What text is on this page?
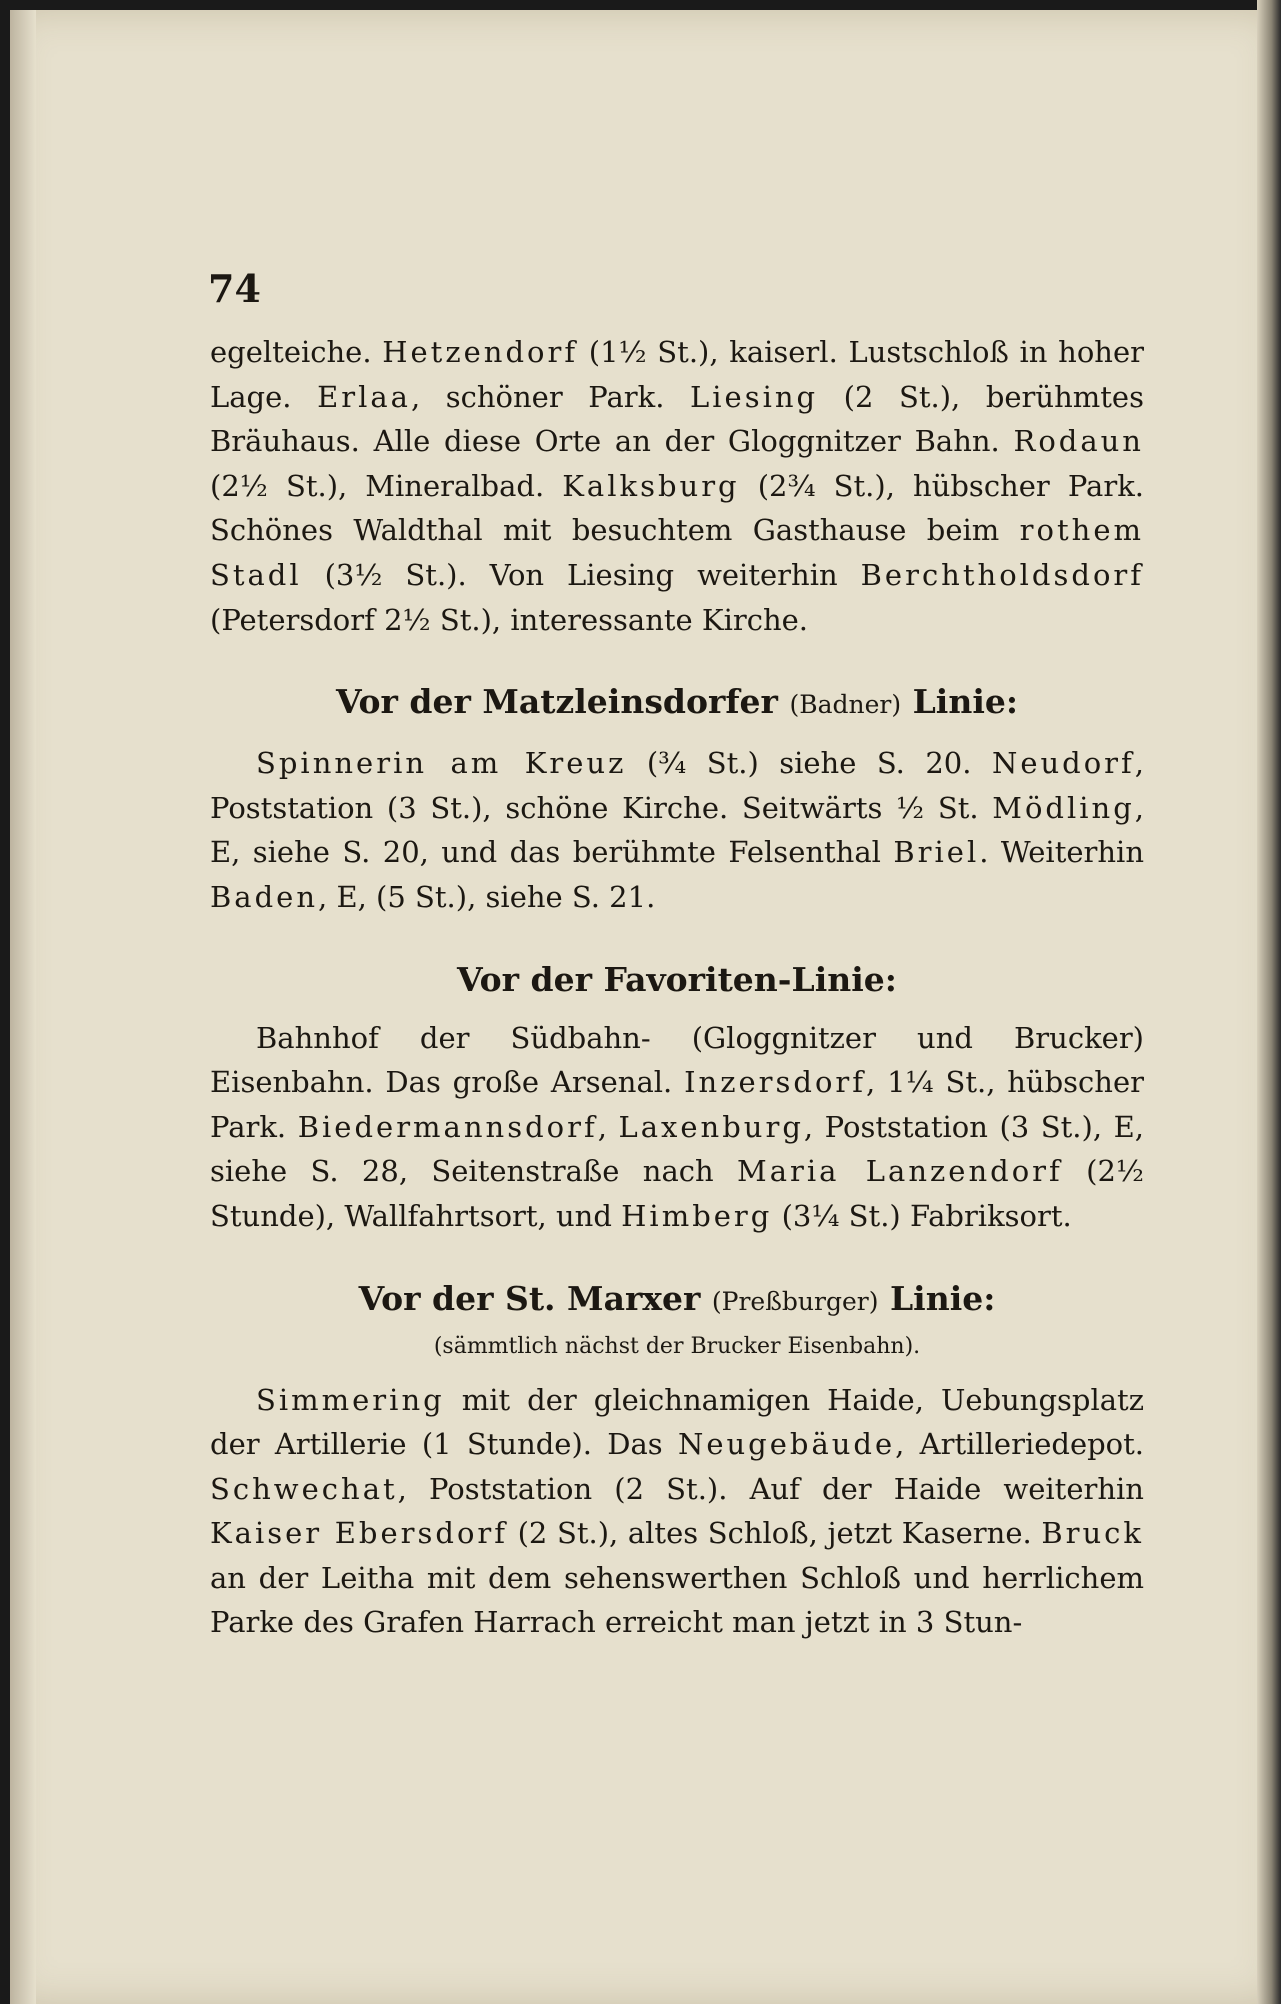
74

egelteiche. Hetzendorf (1½ St.), kaiserl. Lustschloß in hoher Lage. Erlaa, schöner Park. Liesing (2 St.), berühmtes Bräuhaus. Alle diese Orte an der Gloggnitzer Bahn. Rodaun (2½ St.), Mineralbad. Kalksburg (2¾ St.), hübscher Park. Schönes Waldthal mit besuchtem Gasthause beim rothem Stadl (3½ St.). Von Liesing weiterhin Berchtholdsdorf (Petersdorf 2½ St.), interessante Kirche.

Vor der Matzleinsdorfer (Badner) Linie:

Spinnerin am Kreuz (¾ St.) siehe S. 20. Neudorf, Poststation (3 St.), schöne Kirche. Seitwärts ½ St. Mödling, E, siehe S. 20, und das berühmte Felsenthal Briel. Weiterhin Baden, E, (5 St.), siehe S. 21.

Vor der Favoriten-Linie:

Bahnhof der Südbahn- (Gloggnitzer und Brucker) Eisenbahn. Das große Arsenal. Inzersdorf, 1¼ St., hübscher Park. Biedermannsdorf, Laxenburg, Poststation (3 St.), E, siehe S. 28, Seitenstraße nach Maria Lanzendorf (2½ Stunde), Wallfahrtsort, und Himberg (3¼ St.) Fabriksort.

Vor der St. Marxer (Preßburger) Linie:
(sämmtlich nächst der Brucker Eisenbahn).

Simmering mit der gleichnamigen Haide, Uebungsplatz der Artillerie (1 Stunde). Das Neugebäude, Artilleriedepot. Schwechat, Poststation (2 St.). Auf der Haide weiterhin Kaiser Ebersdorf (2 St.), altes Schloß, jetzt Kaserne. Bruck an der Leitha mit dem sehenswerthen Schloß und herrlichem Parke des Grafen Harrach erreicht man jetzt in 3 Stun-
